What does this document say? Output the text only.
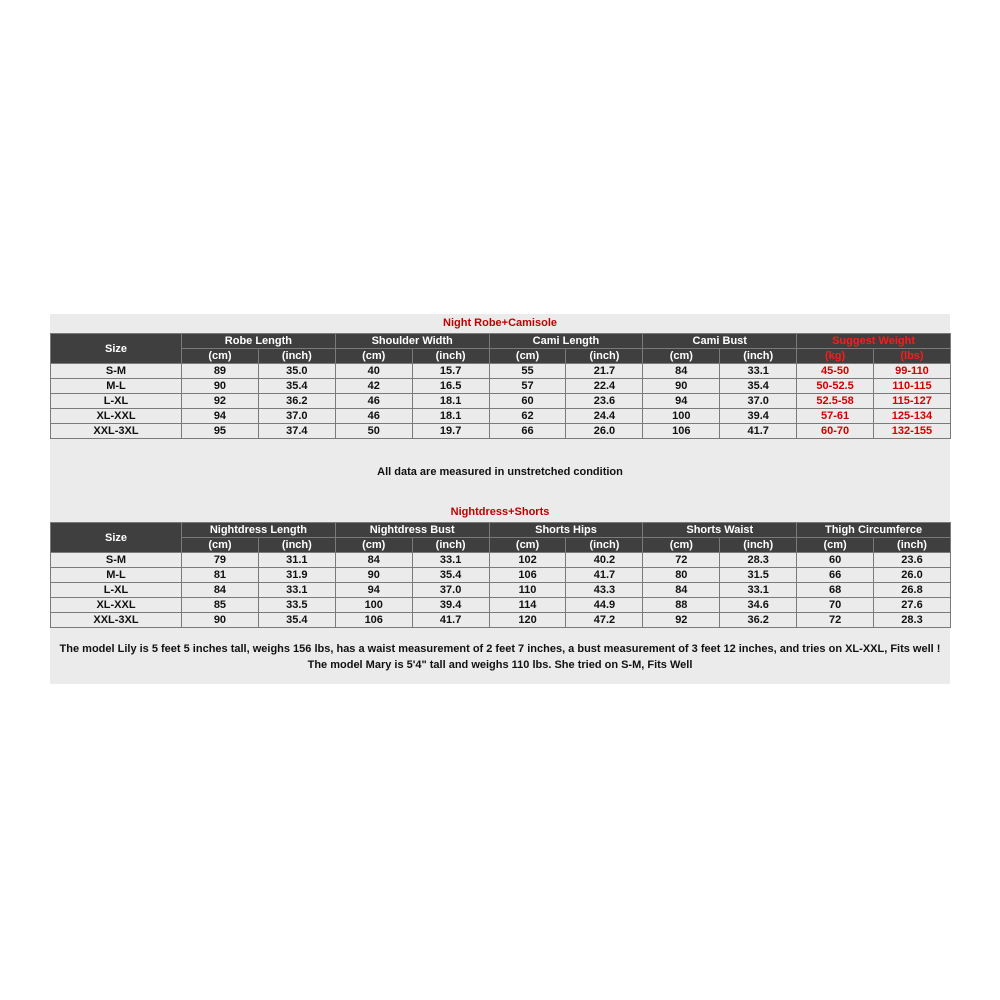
Night Robe+Camisole
Size	Robe Length		Shoulder Width		Cami Length		Cami Bust		Suggest Weight	
	(cm)	(inch)	(cm)	(inch)	(cm)	(inch)	(cm)	(inch)	(kg)	(lbs)
S-M	89	35.0	40	15.7	55	21.7	84	33.1	45-50	99-110
M-L	90	35.4	42	16.5	57	22.4	90	35.4	50-52.5	110-115
L-XL	92	36.2	46	18.1	60	23.6	94	37.0	52.5-58	115-127
XL-XXL	94	37.0	46	18.1	62	24.4	100	39.4	57-61	125-134
XXL-3XL	95	37.4	50	19.7	66	26.0	106	41.7	60-70	132-155
All data are measured in unstretched condition
Nightdress+Shorts
Size	Nightdress Length		Nightdress Bust		Shorts Hips		Shorts Waist		Thigh Circumferce	
	(cm)	(inch)	(cm)	(inch)	(cm)	(inch)	(cm)	(inch)	(cm)	(inch)
S-M	79	31.1	84	33.1	102	40.2	72	28.3	60	23.6
M-L	81	31.9	90	35.4	106	41.7	80	31.5	66	26.0
L-XL	84	33.1	94	37.0	110	43.3	84	33.1	68	26.8
XL-XXL	85	33.5	100	39.4	114	44.9	88	34.6	70	27.6
XXL-3XL	90	35.4	106	41.7	120	47.2	92	36.2	72	28.3
The model Lily is 5 feet 5 inches tall, weighs 156 lbs, has a waist measurement of 2 feet 7 inches, a bust measurement of 3 feet 12 inches, and tries on XL-XXL, Fits well !
The model Mary is 5'4" tall and weighs 110 lbs. She tried on S-M, Fits Well
